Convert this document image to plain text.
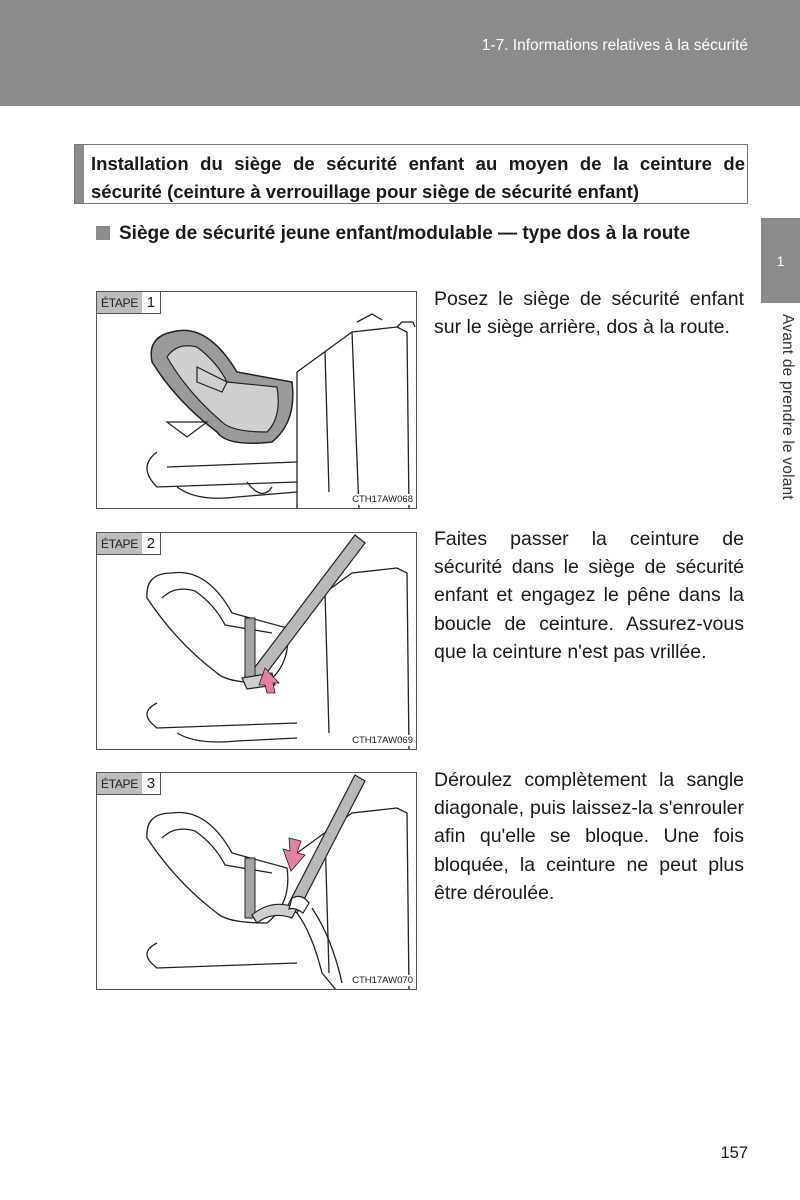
1-7. Informations relatives à la sécurité
1
Avant de prendre le volant
Installation du siège de sécurité enfant au moyen de la ceinture de sécurité (ceinture à verrouillage pour siège de sécurité enfant)
Siège de sécurité jeune enfant/modulable — type dos à la route
ÉTAPE 1
CTH17AW068
Posez le siège de sécurité enfant sur le siège arrière, dos à la route.
ÉTAPE 2
CTH17AW069
Faites passer la ceinture de sécurité dans le siège de sécurité enfant et engagez le pêne dans la boucle de ceinture. Assurez-vous que la ceinture n'est pas vrillée.
ÉTAPE 3
CTH17AW070
Déroulez complètement la sangle diagonale, puis laissez-la s'enrouler afin qu'elle se bloque. Une fois bloquée, la ceinture ne peut plus être déroulée.
157
